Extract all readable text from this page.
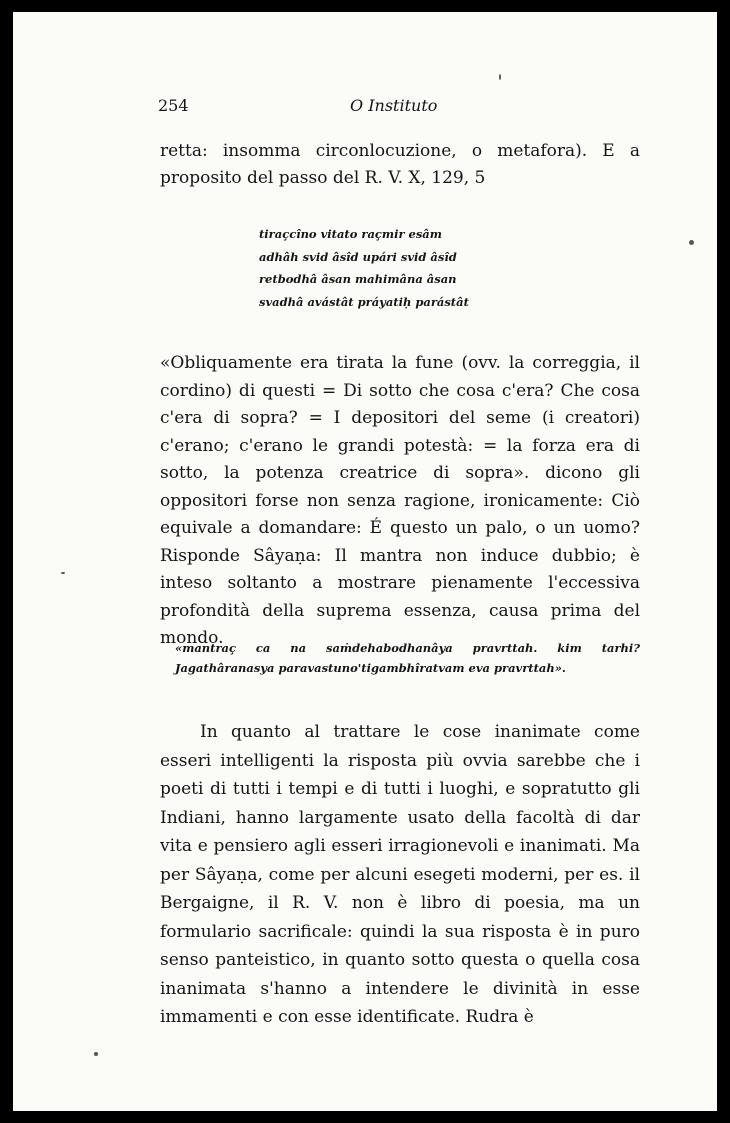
254	O Instituto

retta: insomma circonlocuzione, o metafora). E a proposito del passo del R. V. X, 129, 5

tiraçcîno vitato raçmir esâm
adhâh svid âsîd upári svid âsîd
retbodhâ âsan mahimâna âsan
svadhâ avástât práyatiḥ parástât

«Obliquamente era tirata la fune (ovv. la correggia, il cordino) di questi = Di sotto che cosa c'era? Che cosa c'era di sopra? = I depositori del seme (i creatori) c'erano; c'erano le grandi potestà: = la forza era di sotto, la potenza creatrice di sopra». dicono gli oppositori forse non senza ragione, ironicamente: Ciò equivale a domandare: É questo un palo, o un uomo? Risponde Sâyaṇa: Il mantra non induce dubbio; è inteso soltanto a mostrare pienamente l'eccessiva profondità della suprema essenza, causa prima del mondo.

«mantraç ca na saṁdehabodhanâya pravrttah. kim tarhi? Jagathâranasya paravastuno'tigambhîratvam eva pravrttah».

In quanto al trattare le cose inanimate come esseri intelligenti la risposta più ovvia sarebbe che i poeti di tutti i tempi e di tutti i luoghi, e sopratutto gli Indiani, hanno largamente usato della facoltà di dar vita e pensiero agli esseri irragionevoli e inanimati. Ma per Sâyaṇa, come per alcuni esegeti moderni, per es. il Bergaigne, il R. V. non è libro di poesia, ma un formulario sacrificale: quindi la sua risposta è in puro senso panteistico, in quanto sotto questa o quella cosa inanimata s'hanno a intendere le divinità in esse immamenti e con esse identificate. Rudra è
